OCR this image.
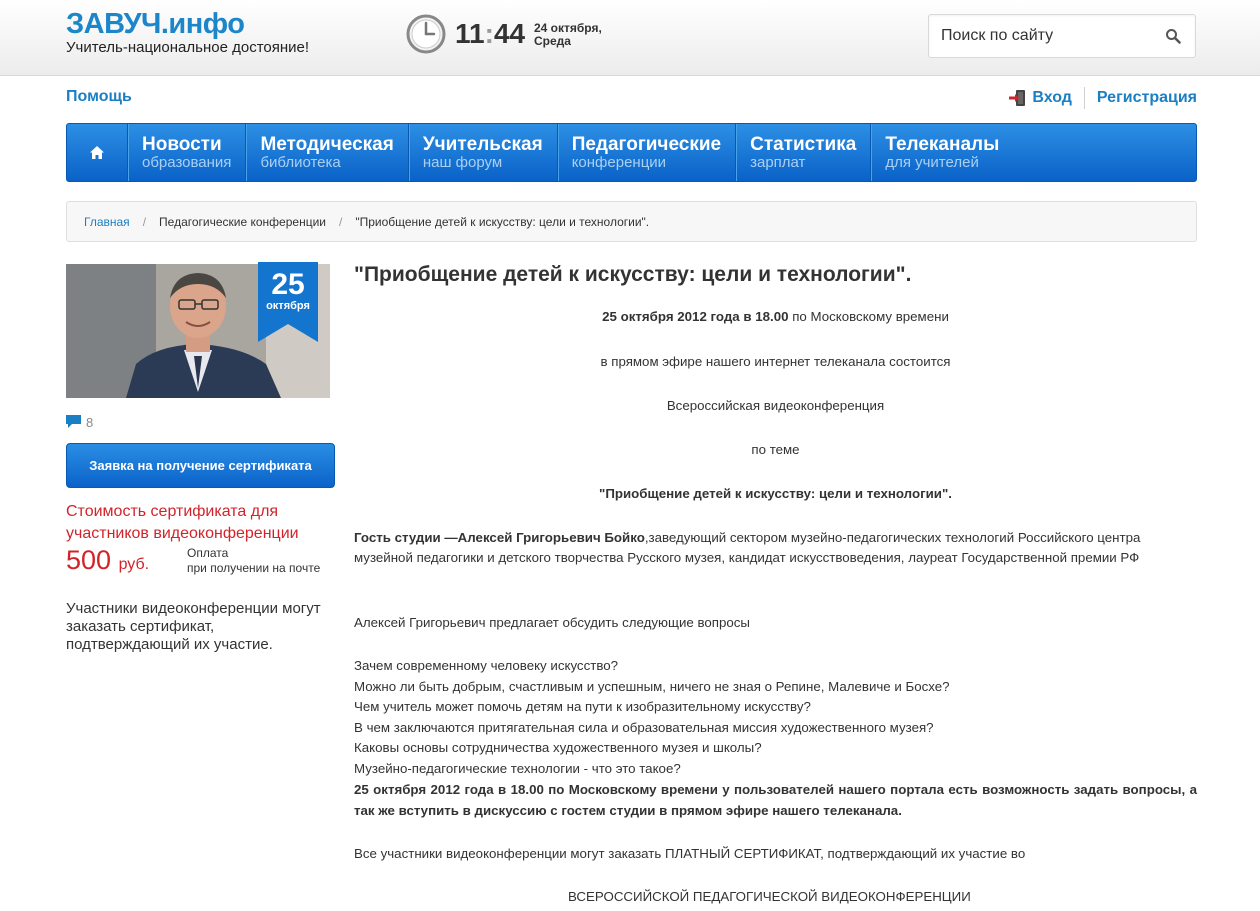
ЗАВУЧ.инфо
Учитель-национальное достояние!	11:44 24 октября,
Среда
Поиск по сайту
Помощь	Вход Регистрация
Новости
образования
Методическая
библиотека
Учительская
наш форум
Педагогические
конференции
Статистика
зарплат
Телеканалы
для учителей
Главная / Педагогические конференции / "Приобщение детей к искусству: цели и технологии".
25
октября
8
Заявка на получение сертификата
Стоимость сертификата для участников видеоконференции
500 руб.
Оплата
при получении на почте
Участники видеоконференции могут заказать сертификат, подтверждающий их участие.
"Приобщение детей к искусству: цели и технологии".
25 октября 2012 года в 18.00 по Московскому времени
в прямом эфире нашего интернет телеканала состоится
Всероссийская видеоконференция
по теме
"Приобщение детей к искусству: цели и технологии".
Гость студии —Алексей Григорьевич Бойко,заведующий сектором музейно-педагогических технологий Российского центра музейной педагогики и детского творчества Русского музея, кандидат искусствоведения, лауреат Государственной премии РФ
Алексей Григорьевич предлагает обсудить следующие вопросы
Зачем современному человеку искусство?
Можно ли быть добрым, счастливым и успешным, ничего не зная о Репине, Малевиче и Босхе?
Чем учитель может помочь детям на пути к изобразительному искусству?
В чем заключаются притягательная сила и образовательная миссия художественного музея?
Каковы основы сотрудничества художественного музея и школы?
Музейно-педагогические технологии - что это такое?
25 октября 2012 года в 18.00 по Московскому времени у пользователей нашего портала есть возможность задать вопросы, а так же вступить в дискуссию с гостем студии в прямом эфире нашего телеканала.
Все участники видеоконференции могут заказать ПЛАТНЫЙ СЕРТИФИКАТ, подтверждающий их участие во
ВСЕРОССИЙСКОЙ ПЕДАГОГИЧЕСКОЙ ВИДЕОКОНФЕРЕНЦИИ
